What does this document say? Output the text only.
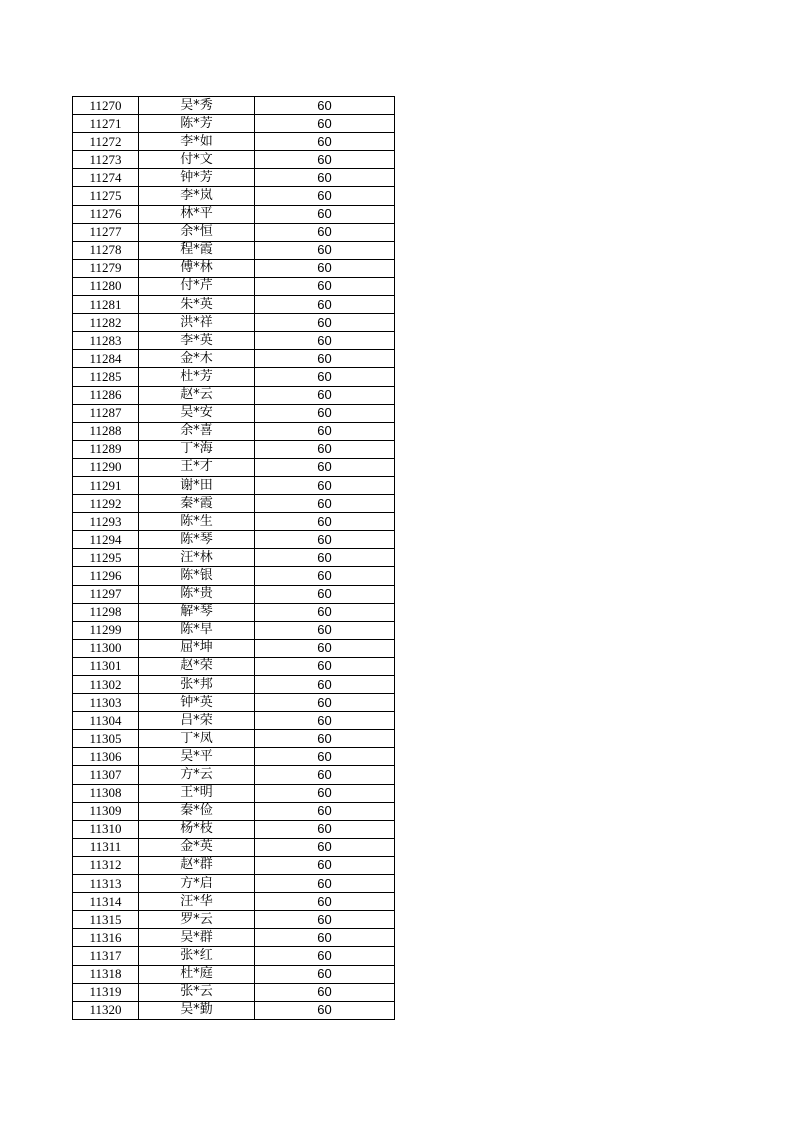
11270	吴*秀	60
11271	陈*芳	60
11272	李*如	60
11273	付*文	60
11274	钟*芳	60
11275	李*岚	60
11276	林*平	60
11277	余*恒	60
11278	程*霞	60
11279	傅*林	60
11280	付*芹	60
11281	朱*英	60
11282	洪*祥	60
11283	李*英	60
11284	金*木	60
11285	杜*芳	60
11286	赵*云	60
11287	吴*安	60
11288	余*喜	60
11289	丁*海	60
11290	王*才	60
11291	谢*田	60
11292	秦*霞	60
11293	陈*生	60
11294	陈*琴	60
11295	汪*林	60
11296	陈*银	60
11297	陈*贵	60
11298	解*琴	60
11299	陈*早	60
11300	屈*坤	60
11301	赵*荣	60
11302	张*邦	60
11303	钟*英	60
11304	吕*荣	60
11305	丁*凤	60
11306	吴*平	60
11307	方*云	60
11308	王*明	60
11309	秦*俭	60
11310	杨*枝	60
11311	金*英	60
11312	赵*群	60
11313	方*启	60
11314	汪*华	60
11315	罗*云	60
11316	吴*群	60
11317	张*红	60
11318	杜*庭	60
11319	张*云	60
11320	吴*勤	60
